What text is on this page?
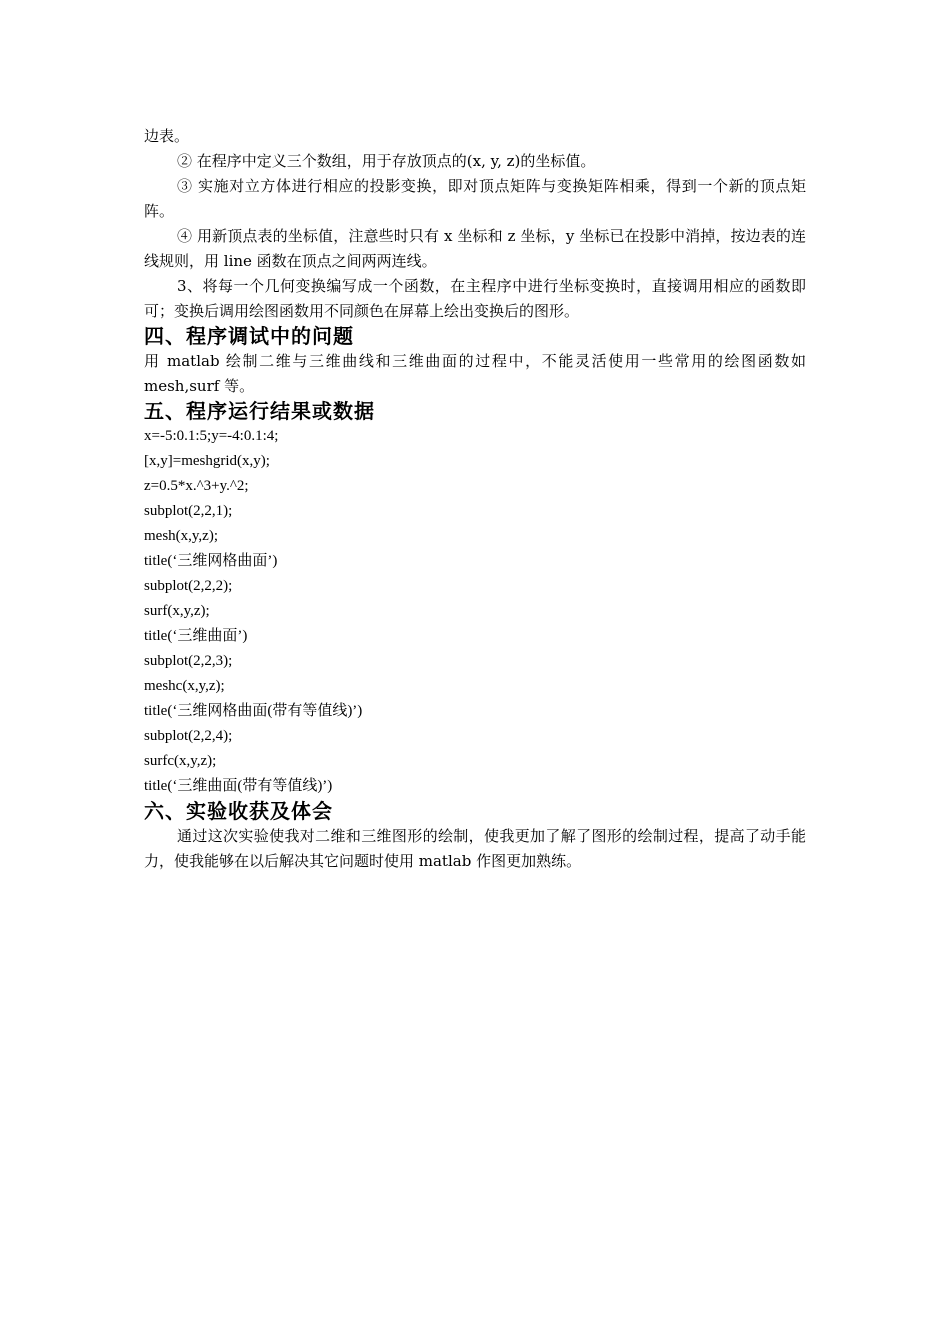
边表。

② 在程序中定义三个数组，用于存放顶点的(x, y, z)的坐标值。

③ 实施对立方体进行相应的投影变换，即对顶点矩阵与变换矩阵相乘，得到一个新的顶点矩阵。

④ 用新顶点表的坐标值，注意些时只有 x 坐标和 z 坐标，y 坐标已在投影中消掉，按边表的连线规则，用 line 函数在顶点之间两两连线。

3、将每一个几何变换编写成一个函数，在主程序中进行坐标变换时，直接调用相应的函数即可；变换后调用绘图函数用不同颜色在屏幕上绘出变换后的图形。

四、程序调试中的问题

用 matlab 绘制二维与三维曲线和三维曲面的过程中，不能灵活使用一些常用的绘图函数如 mesh,surf 等。

五、程序运行结果或数据

x=-5:0.1:5;y=-4:0.1:4;

[x,y]=meshgrid(x,y);

z=0.5*x.^3+y.^2;

subplot(2,2,1);

mesh(x,y,z);

title(‘三维网格曲面’)

subplot(2,2,2);

surf(x,y,z);

title(‘三维曲面’)

subplot(2,2,3);

meshc(x,y,z);

title(‘三维网格曲面(带有等值线)’)

subplot(2,2,4);

surfc(x,y,z);

title(‘三维曲面(带有等值线)’)

六、实验收获及体会

通过这次实验使我对二维和三维图形的绘制，使我更加了解了图形的绘制过程，提高了动手能力，使我能够在以后解决其它问题时使用 matlab 作图更加熟练。
